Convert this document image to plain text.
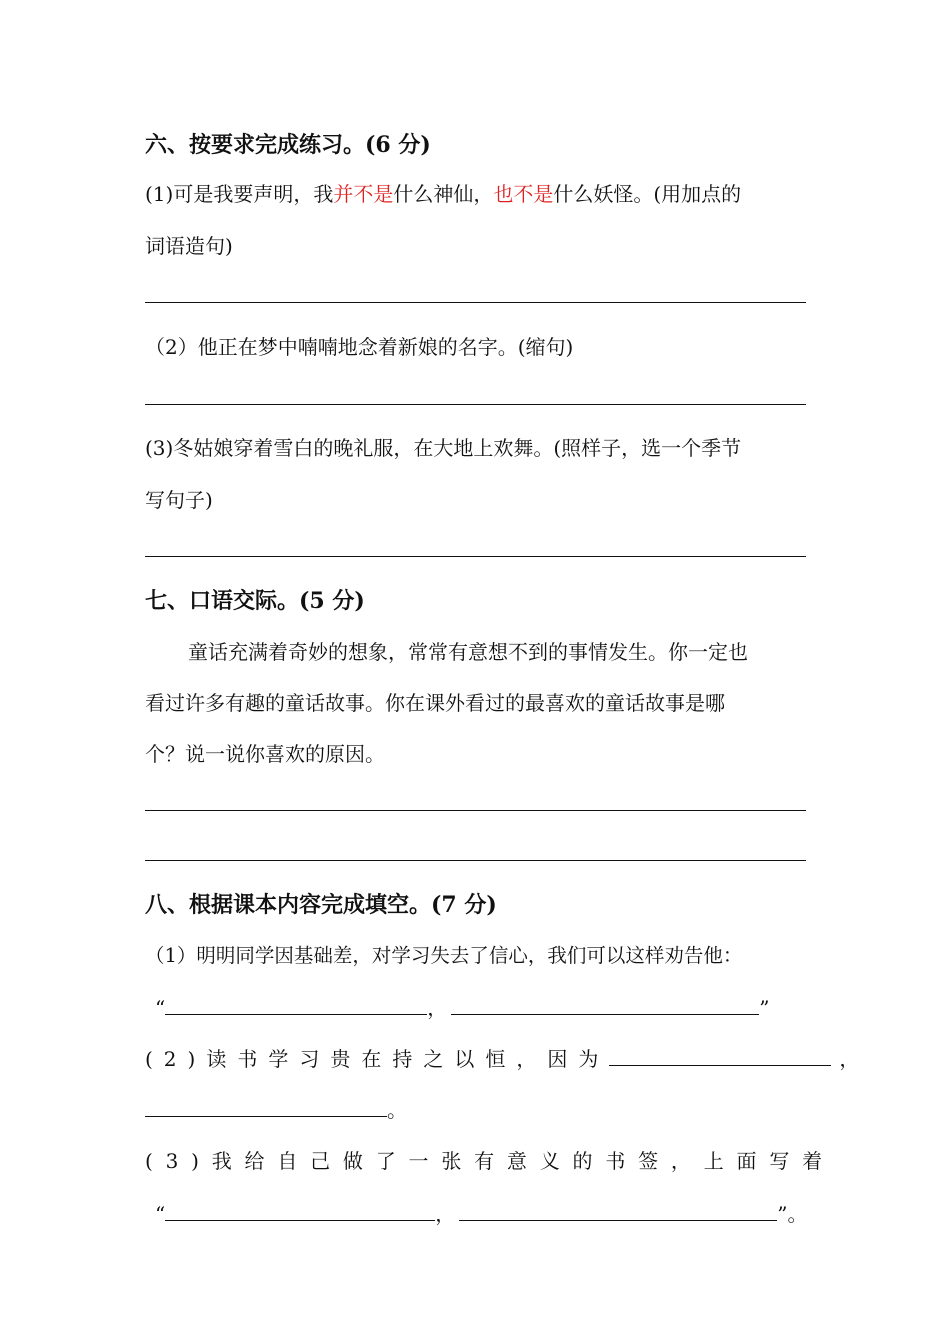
六、按要求完成练习。(6 分)
(1)可是我要声明，我并不是什么神仙，也不是什么妖怪。(用加点的
词语造句)
（2）他正在梦中喃喃地念着新娘的名字。(缩句)
(3)冬姑娘穿着雪白的晚礼服，在大地上欢舞。(照样子，选一个季节
写句子)
七、口语交际。(5 分)
童话充满着奇妙的想象，常常有意想不到的事情发生。你一定也
看过许多有趣的童话故事。你在课外看过的最喜欢的童话故事是哪
个？说一说你喜欢的原因。
八、根据课本内容完成填空。(7 分)
（1）明明同学因基础差，对学习失去了信心，我们可以这样劝告他：
“	，	”
(2)读书学习贵在持之以恒，因为	，
。
(3)我给自己做了一张有意义的书签，上面写着
“	，	”。
